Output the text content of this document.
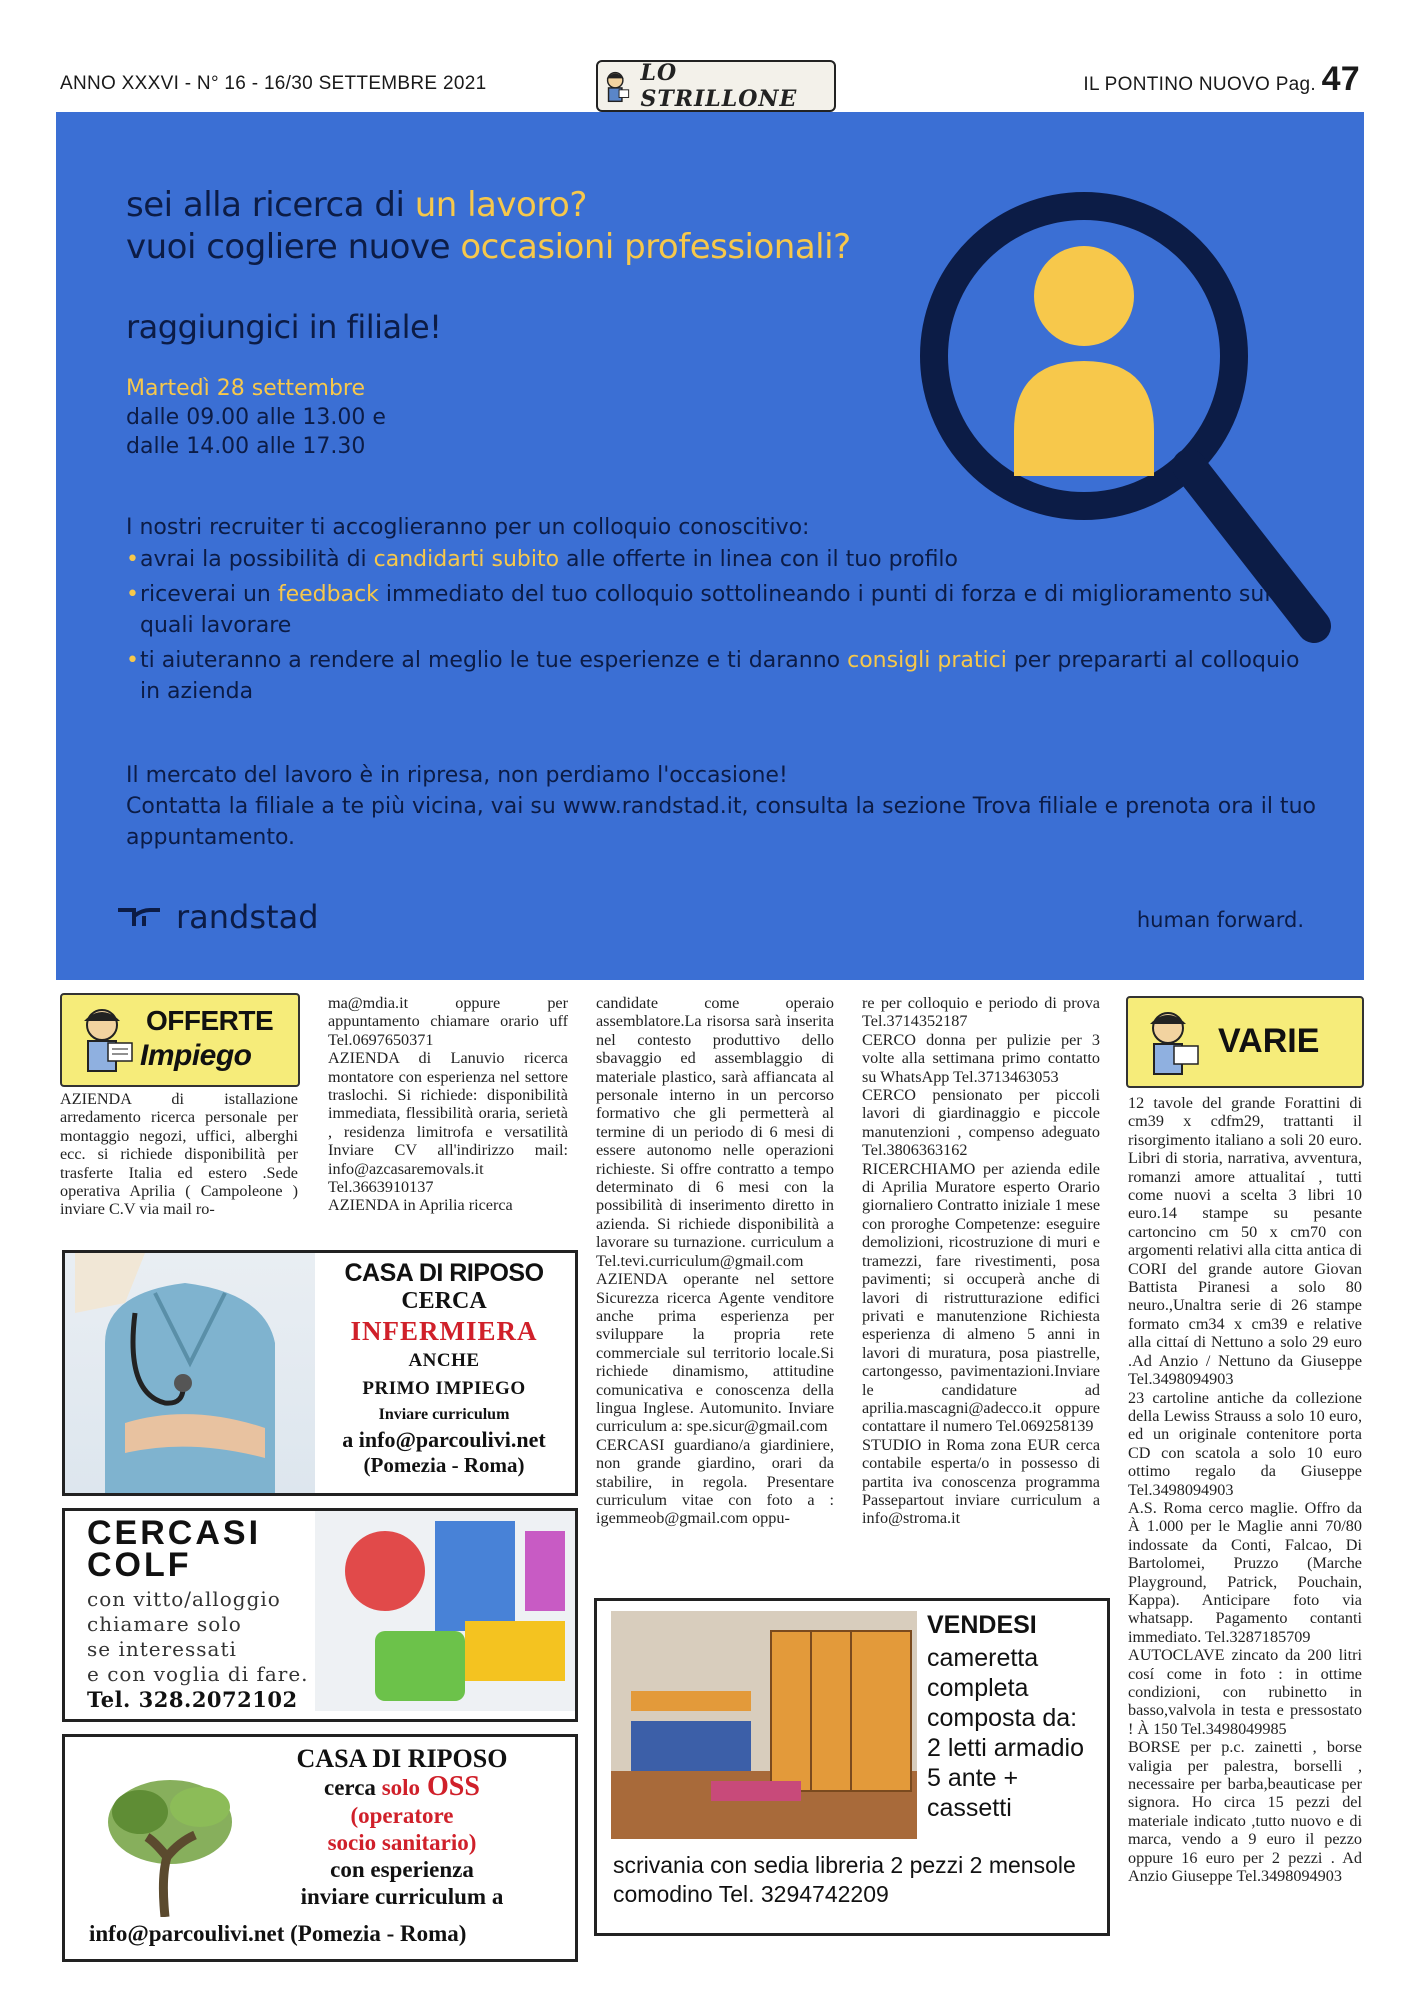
ANNO XXXVI - N° 16 - 16/30 SETTEMBRE 2021	LO STRILLONE
IL PONTINO NUOVO Pag. 47
sei alla ricerca di un lavoro?
vuoi cogliere nuove occasioni professionali?
raggiungici in filiale!
Martedì 28 settembre
dalle 09.00 alle 13.00 e
dalle 14.00 alle 17.30
I nostri recruiter ti accoglieranno per un colloquio conoscitivo:
• avrai la possibilità di candidarti subito alle offerte in linea con il tuo profilo
• riceverai un feedback immediato del tuo colloquio sottolineando i punti di forza e di miglioramento sui quali lavorare
• ti aiuteranno a rendere al meglio le tue esperienze e ti daranno consigli pratici per prepararti al colloquio in azienda
Il mercato del lavoro è in ripresa, non perdiamo l'occasione!
Contatta la filiale a te più vicina, vai su www.randstad.it, consulta la sezione Trova filiale e prenota ora il tuo appuntamento.
randstad	human forward.
OFFERTE
Impiego	VARIE

AZIENDA di istallazione arredamento ricerca personale per montaggio negozi, uffici, alberghi ecc. si richiede disponibilità per trasferte Italia ed estero .Sede operativa Aprilia ( Campoleone ) inviare C.V via mail ro-

ma@mdia.it oppure per appuntamento chiamare orario uff Tel.0697650371

AZIENDA di Lanuvio ricerca montatore con esperienza nel settore traslochi. Si richiede: disponibilità immediata, flessibilità oraria, serietà , residenza limitrofa e versatilità Inviare CV all'indirizzo mail: info@azcasaremovals.it Tel.3663910137

AZIENDA in Aprilia ricerca

candidate come operaio assemblatore.La risorsa sarà inserita nel contesto produttivo dello sbavaggio ed assemblaggio di materiale plastico, sarà affiancata al personale interno in un percorso formativo che gli permetterà al termine di un periodo di 6 mesi di essere autonomo nelle operazioni richieste. Si offre contratto a tempo determinato di 6 mesi con la possibilità di inserimento diretto in azienda. Si richiede disponibilità a lavorare su turnazione. curriculum a Tel.tevi.curriculum@gmail.com

AZIENDA operante nel settore Sicurezza ricerca Agente venditore anche prima esperienza per sviluppare la propria rete commerciale sul territorio locale.Si richiede dinamismo, attitudine comunicativa e conoscenza della lingua Inglese. Automunito. Inviare curriculum a: spe.sicur@gmail.com

CERCASI guardiano/a giardiniere, non grande giardino, orari da stabilire, in regola. Presentare curriculum vitae con foto a : igemmeob@gmail.com oppu-

re per colloquio e periodo di prova Tel.3714352187

CERCO donna per pulizie per 3 volte alla settimana primo contatto su WhatsApp Tel.3713463053

CERCO pensionato per piccoli lavori di giardinaggio e piccole manutenzioni , compenso adeguato Tel.3806363162

RICERCHIAMO per azienda edile di Aprilia Muratore esperto Orario giornaliero Contratto iniziale 1 mese con proroghe Competenze: eseguire demolizioni, ricostruzione di muri e tramezzi, fare rivestimenti, posa pavimenti; si occuperà anche di lavori di ristrutturazione edifici privati e manutenzione Richiesta esperienza di almeno 5 anni in lavori di muratura, posa piastrelle, cartongesso, pavimentazioni.Inviare le candidature ad aprilia.mascagni@adecco.it oppure contattare il numero Tel.069258139

STUDIO in Roma zona EUR cerca contabile esperta/o in possesso di partita iva conoscenza programma Passepartout inviare curriculum a info@stroma.it

12 tavole del grande Forattini di cm39 x cdfm29, trattanti il risorgimento italiano a soli 20 euro. Libri di storia, narrativa, avventura, romanzi amore attualitaí , tutti come nuovi a scelta 3 libri 10 euro.14 stampe su pesante cartoncino cm 50 x cm70 con argomenti relativi alla citta antica di CORI del grande autore Giovan Battista Piranesi a solo 80 neuro.,Unaltra serie di 26 stampe formato cm34 x cm39 e relative alla cittaí di Nettuno a solo 29 euro .Ad Anzio / Nettuno da Giuseppe Tel.3498094903

23 cartoline antiche da collezione della Lewiss Strauss a solo 10 euro, ed un originale contenitore porta CD con scatola a solo 10 euro ottimo regalo da Giuseppe Tel.3498094903

A.S. Roma cerco maglie. Offro da À 1.000 per le Maglie anni 70/80 indossate da Conti, Falcao, Di Bartolomei, Pruzzo (Marche Playground, Patrick, Pouchain, Kappa). Anticipare foto via whatsapp. Pagamento contanti immediato. Tel.3287185709

AUTOCLAVE zincato da 200 litri cosí come in foto : in ottime condizioni, con rubinetto in basso,valvola in testa e pressostato ! À 150 Tel.3498049985

BORSE per p.c. zainetti , borse valigia per palestra, borselli , necessaire per barba,beauticase per signora. Ho circa 15 pezzi del materiale indicato ,tutto nuovo e di marca, vendo a 9 euro il pezzo oppure 16 euro per 2 pezzi . Ad Anzio Giuseppe Tel.3498094903

CASA DI RIPOSO
CERCA
INFERMIERA
ANCHE
PRIMO IMPIEGO
Inviare curriculum
a info@parcoulivi.net
(Pomezia - Roma)
CERCASI
COLF
con vitto/alloggio
chiamare solo
se interessati
e con voglia di fare.
Tel. 328.2072102
CASA DI RIPOSO
cerca solo OSS
(operatore
socio sanitario)
con esperienza
inviare curriculum a
info@parcoulivi.net (Pomezia - Roma)
VENDESI
cameretta completa composta da: 2 letti armadio 5 ante + cassetti
scrivania con sedia libreria 2 pezzi 2 mensole comodino Tel. 3294742209
